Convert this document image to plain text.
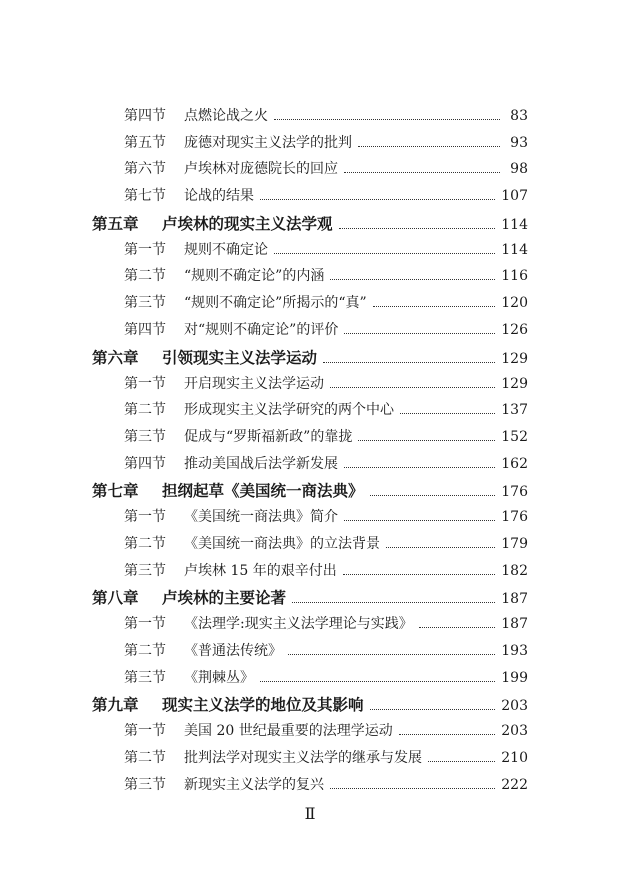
第四节	点燃论战之火	83
第五节	庞德对现实主义法学的批判	93
第六节	卢埃林对庞德院长的回应	98
第七节	论战的结果	107
第五章	卢埃林的现实主义法学观	114
第一节	规则不确定论	114
第二节	“规则不确定论”的内涵	116
第三节	“规则不确定论”所揭示的“真”	120
第四节	对“规则不确定论”的评价	126
第六章	引领现实主义法学运动	129
第一节	开启现实主义法学运动	129
第二节	形成现实主义法学研究的两个中心	137
第三节	促成与“罗斯福新政”的靠拢	152
第四节	推动美国战后法学新发展	162
第七章	担纲起草《美国统一商法典》	176
第一节	《美国统一商法典》简介	176
第二节	《美国统一商法典》的立法背景	179
第三节	卢埃林 15 年的艰辛付出	182
第八章	卢埃林的主要论著	187
第一节	《法理学:现实主义法学理论与实践》	187
第二节	《普通法传统》	193
第三节	《荆棘丛》	199
第九章	现实主义法学的地位及其影响	203
第一节	美国 20 世纪最重要的法理学运动	203
第二节	批判法学对现实主义法学的继承与发展	210
第三节	新现实主义法学的复兴	222
Ⅱ
